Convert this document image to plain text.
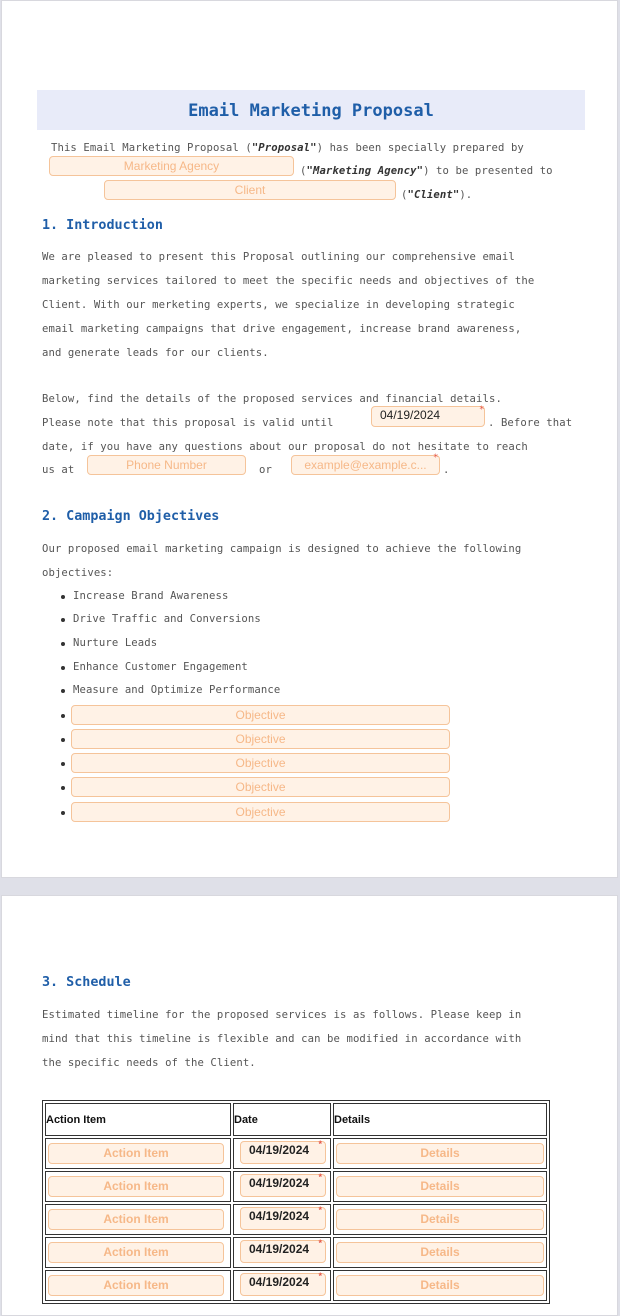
Email Marketing Proposal
This Email Marketing Proposal ("Proposal") has been specially prepared by
Marketing Agency	("Marketing Agency") to be presented to
Client	("Client").
1. Introduction
We are pleased to present this Proposal outlining our comprehensive email
marketing services tailored to meet the specific needs and objectives of the
Client. With our merketing experts, we specialize in developing strategic
email marketing campaigns that drive engagement, increase brand awareness,
and generate leads for our clients.
Below, find the details of the proposed services and financial details.
Please note that this proposal is valid until
04/19/2024	*
. Before that
date, if you have any questions about our proposal do not hesitate to reach
us at	Phone Number	or	example@example.c... *
.
2. Campaign Objectives
Our proposed email marketing campaign is designed to achieve the following
objectives:
Increase Brand Awareness
Drive Traffic and Conversions
Nurture Leads
Enhance Customer Engagement
Measure and Optimize Performance
Objective
Objective
Objective
Objective
Objective
3. Schedule
Estimated timeline for the proposed services is as follows. Please keep in
mind that this timeline is flexible and can be modified in accordance with
the specific needs of the Client.
Action Item	Date	Details

Action Item	04/19/2024 *	Details

Action Item	04/19/2024 *	Details

Action Item	04/19/2024 *	Details

Action Item	04/19/2024 *	Details

Action Item	04/19/2024 *	Details
